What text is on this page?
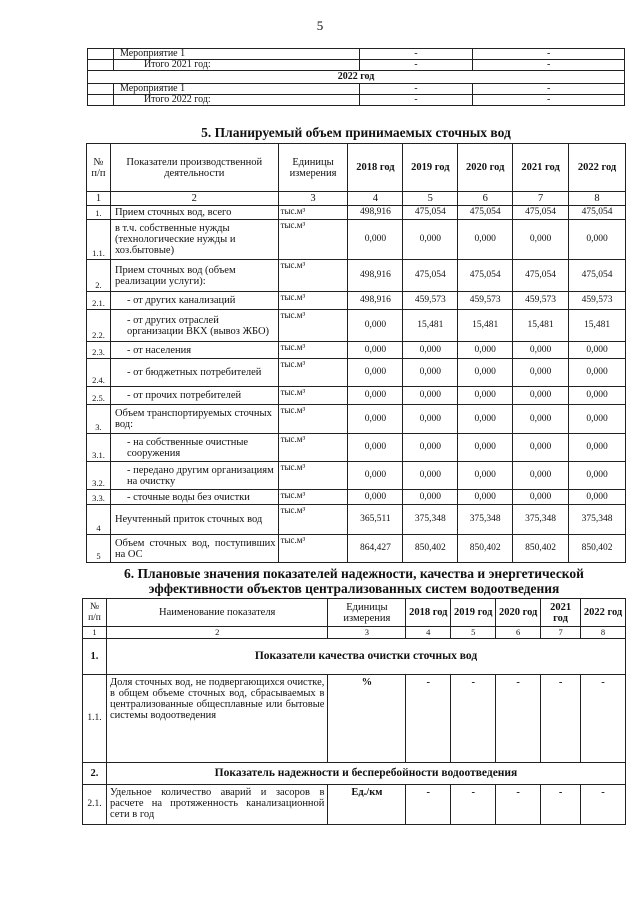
5
	Мероприятие 1	-	-
	Итого 2021 год:	-	-
2022 год			
	Мероприятие 1	-	-
	Итого 2022 год:	-	-
5. Планируемый объем принимаемых сточных вод
№ п/п	Показатели производственной деятельности	Единицы измерения	2018 год	2019 год	2020 год	2021 год	2022 год
1	2	3	4	5	6	7	8
1.	Прием сточных вод, всего	тыс.м³	498,916	475,054	475,054	475,054	475,054
1.1.	в т.ч. собственные нужды (технологические нужды и хоз.бытовые)	тыс.м³	0,000	0,000	0,000	0,000	0,000
2.	Прием сточных вод (объем реализации услуги):	тыс.м³	498,916	475,054	475,054	475,054	475,054
2.1.	- от других канализаций	тыс.м³	498,916	459,573	459,573	459,573	459,573
2.2.	- от других отраслей организации ВКХ (вывоз ЖБО)	тыс.м³	0,000	15,481	15,481	15,481	15,481
2.3.	- от населения	тыс.м³	0,000	0,000	0,000	0,000	0,000
2.4.	- от бюджетных потребителей	тыс.м³	0,000	0,000	0,000	0,000	0,000
2.5.	- от прочих потребителей	тыс.м³	0,000	0,000	0,000	0,000	0,000
3.	Объем транспортируемых сточных вод:	тыс.м³	0,000	0,000	0,000	0,000	0,000
3.1.	- на собственные очистные сооружения	тыс.м³	0,000	0,000	0,000	0,000	0,000
3.2.	- передано другим организациям на очистку	тыс.м³	0,000	0,000	0,000	0,000	0,000
3.3.	- сточные воды без очистки	тыс.м³	0,000	0,000	0,000	0,000	0,000
4	Неучтенный приток сточных вод	тыс.м³	365,511	375,348	375,348	375,348	375,348
5	Объем сточных вод, поступивших на ОС	тыс.м³	864,427	850,402	850,402	850,402	850,402
6. Плановые значения показателей надежности, качества и энергетической эффективности объектов централизованных систем водоотведения
№ п/п	Наименование показателя	Единицы измерения	2018 год	2019 год	2020 год	2021 год	2022 год
1	2	3	4	5	6	7	8
1.	Показатели качества очистки сточных вод						
1.1.	Доля сточных вод, не подвергающихся очистке, в общем объеме сточных вод, сбрасываемых в централизованные общесплавные или бытовые системы водоотведения	%	-	-	-	-	-
2.	Показатель надежности и бесперебойности водоотведения						
2.1.	Удельное количество аварий и засоров в расчете на протяженность канализационной сети в год	Ед./км	-	-	-	-	-
